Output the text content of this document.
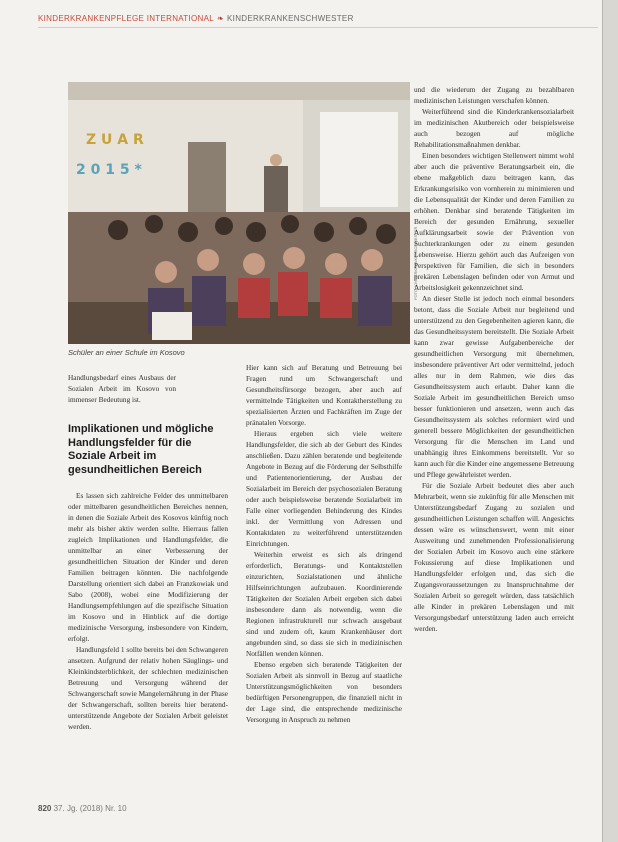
KINDERKRANKENPFLEGE INTERNATIONAL ❧ KINDERKRANKENSCHWESTER
Z U A R
2 0 1 5 *
Schüler an einer Schule im Kosovo
FOTO: KINDERKRANKENSCHWESTER

Handlungsbedarf eines Ausbaus der Sozialen Arbeit im Kosovo von immenser Bedeutung ist.

Implikationen und mögliche Handlungsfelder für die Soziale Arbeit im gesundheitlichen Bereich

Es lassen sich zahlreiche Felder des unmittelbaren oder mittelbaren gesundheitlichen Bereiches nennen, in denen die Soziale Arbeit des Kosovos künftig noch mehr als bisher aktiv werden sollte. Hierraus fallen zugleich Implikationen und Handlungsfelder, die unmittelbar an einer Verbesserung der gesundheitlichen Situation der Kinder und deren Familien beitragen könnten. Die nachfolgende Darstellung orientiert sich dabei an Franzkowiak und Sabo (2008), wobei eine Modifizierung der Handlungsempfehlungen auf die spezifische Situation im Kosovo und in Hinblick auf die dortige medizinische Versorgung, insbesondere von Kindern, erfolgt.

Handlungsfeld 1 sollte bereits bei den Schwangeren ansetzen. Aufgrund der relativ hohen Säuglings- und Kleinkindsterblichkeit, der schlechten medizinischen Betreuung und Versorgung während der Schwangerschaft sowie Mangelernährung in der Phase der Schwangerschaft, sollten bereits hier beratend-unterstützende Angebote der Sozialen Arbeit geleistet werden.

Hier kann sich auf Beratung und Betreuung bei Fragen rund um Schwangerschaft und Gesundheitsfürsorge bezogen, aber auch auf vermittelnde Tätigkeiten und Kontaktherstellung zu spezialisierten Ärzten und Fachkräften im Zuge der pränatalen Vorsorge.

Hieraus ergeben sich viele weitere Handlungsfelder, die sich ab der Geburt des Kindes anschließen. Dazu zählen beratende und begleitende Angebote in Bezug auf die Förderung der Selbsthilfe und Patientenorientierung, der Ausbau der Sozialarbeit im Bereich der psychosozialen Beratung oder auch beispielsweise beratende Sozialarbeit im Falle einer vorliegenden Behinderung des Kindes inkl. der Vermittlung von Adressen und Kontaktdaten zu weiterführend unterstützenden Einrichtungen.

Weiterhin erweist es sich als dringend erforderlich, Beratungs- und Kontaktstellen einzurichten, Sozialstationen und ähnliche Hilfseinrichtungen aufzubauen. Koordinierende Tätigkeiten der Sozialen Arbeit ergeben sich dabei insbesondere dann als notwendig, wenn die Regionen infrastrukturell nur schwach ausgebaut sind und zudem oft, kaum Krankenhäuser dort angebunden sind, so dass sie sich in medizinischen Notfällen wenden können.

Ebenso ergeben sich beratende Tätigkeiten der Sozialen Arbeit als sinnvoll in Bezug auf staatliche Unterstützungsmöglichkeiten von besonders bedürftigen Personengruppen, die finanziell nicht in der Lage sind, die entsprechende medizinische Versorgung in Anspruch zu nehmen

und die wiederum der Zugang zu bezahlbaren medizinischen Leistungen verschafen können.

Weiterführend sind die Kinderkrankensozialarbeit im medizinischen Akutbereich oder beispielsweise auch bezogen auf mögliche Rehabilitationsmaßnahmen denkbar.

Einen besonders wichtigen Stellenwert nimmt wohl aber auch die präventive Beratungsarbeit ein, die ebene maßgeblich dazu beitragen kann, das Erkrankungsrisiko von vornherein zu minimieren und die Lebensqualität der Kinder und deren Familien zu erhöhen. Denkbar sind beratende Tätigkeiten im Bereich der gesunden Ernährung, sexueller Aufklärungsarbeit sowie der Prävention von Suchterkrankungen oder zu einem gesunden Lebensweise. Hierzu gehört auch das Aufzeigen von Perspektiven für Familien, die sich in besonders prekären Lebenslagen befinden oder von Armut und Arbeitslosigkeit gekennzeichnet sind.

An dieser Stelle ist jedoch noch einmal besonders betont, dass die Soziale Arbeit nur begleitend und unterstützend zu den Gegebenheiten agieren kann, die das Gesundheitssystem bereitstellt. Die Soziale Arbeit kann zwar gewisse Aufgabenbereiche der gesundheitlichen Versorgung mit übernehmen, insbesondere präventiver Art oder vermittelnd, jedoch alles nur in dem Rahmen, wie dies das Gesundheitssystem auch erlaubt. Daher kann die Soziale Arbeit im gesundheitlichen Bereich umso besser funktionieren und ansetzen, wenn auch das Gesundheitssystem als solches reformiert wird und generell bessere Möglichkeiten der gesundheitlichen Versorgung für die Menschen im Land und unabhängig ihres Einkommens bereitstellt. Vor so kann auch für die Kinder eine angemessene Betreuung und Pflege gewährleistet werden.

Für die Soziale Arbeit bedeutet dies aber auch Mehrarbeit, wenn sie zukünftig für alle Menschen mit Unterstützungsbedarf Zugang zu sozialen und gesundheitlichen Leistungen schaffen will. Angesichts dessen wäre es wünschenswert, wenn mit einer Ausweitung und zunehmenden Professionalisierung der Sozialen Arbeit im Kosovo auch eine stärkere Fokussierung auf diese Implikationen und Handlungsfelder erfolgen und, das sich die Zugangsvoraussetzungen zu Inanspruchnahme der Sozialen Arbeit so geregelt würden, dass tatsächlich alle Kinder in prekären Lebenslagen und mit Versorgungsbedarf unterstützung laden auch erreicht werden.

820 37. Jg. (2018) Nr. 10
